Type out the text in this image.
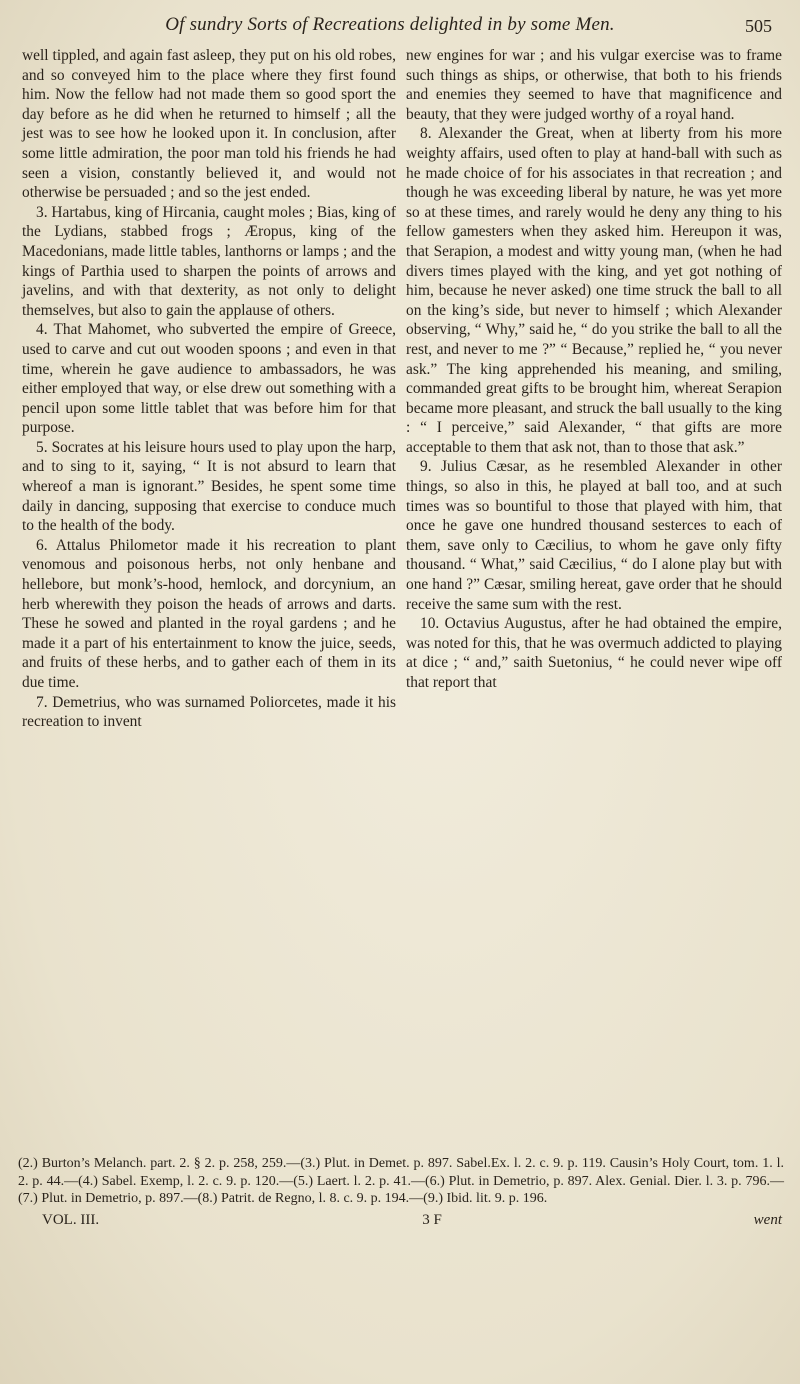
Of sundry Sorts of Recreations delighted in by some Men.	505

well tippled, and again fast asleep, they put on his old robes, and so conveyed him to the place where they first found him. Now the fellow had not made them so good sport the day before as he did when he returned to himself ; all the jest was to see how he looked upon it. In conclusion, after some little admiration, the poor man told his friends he had seen a vision, constantly believed it, and would not otherwise be persuaded ; and so the jest ended.

3. Hartabus, king of Hircania, caught moles ; Bias, king of the Lydians, stabbed frogs ; Æropus, king of the Macedonians, made little tables, lanthorns or lamps ; and the kings of Parthia used to sharpen the points of arrows and javelins, and with that dexterity, as not only to delight themselves, but also to gain the applause of others.

4. That Mahomet, who subverted the empire of Greece, used to carve and cut out wooden spoons ; and even in that time, wherein he gave audience to ambassadors, he was either employed that way, or else drew out something with a pencil upon some little tablet that was before him for that purpose.

5. Socrates at his leisure hours used to play upon the harp, and to sing to it, saying, “ It is not absurd to learn that whereof a man is ignorant.” Besides, he spent some time daily in dancing, supposing that exercise to conduce much to the health of the body.

6. Attalus Philometor made it his recreation to plant venomous and poisonous herbs, not only henbane and hellebore, but monk’s-hood, hemlock, and dorcynium, an herb wherewith they poison the heads of arrows and darts. These he sowed and planted in the royal gardens ; and he made it a part of his entertainment to know the juice, seeds, and fruits of these herbs, and to gather each of them in its due time.

7. Demetrius, who was surnamed Poliorcetes, made it his recreation to invent

new engines for war ; and his vulgar exercise was to frame such things as ships, or otherwise, that both to his friends and enemies they seemed to have that magnificence and beauty, that they were judged worthy of a royal hand.

8. Alexander the Great, when at liberty from his more weighty affairs, used often to play at hand-ball with such as he made choice of for his associates in that recreation ; and though he was exceeding liberal by nature, he was yet more so at these times, and rarely would he deny any thing to his fellow gamesters when they asked him. Hereupon it was, that Serapion, a modest and witty young man, (when he had divers times played with the king, and yet got nothing of him, because he never asked) one time struck the ball to all on the king’s side, but never to himself ; which Alexander observing, “ Why,” said he, “ do you strike the ball to all the rest, and never to me ?” “ Because,” replied he, “ you never ask.” The king apprehended his meaning, and smiling, commanded great gifts to be brought him, whereat Serapion became more pleasant, and struck the ball usually to the king : “ I perceive,” said Alexander, “ that gifts are more acceptable to them that ask not, than to those that ask.”

9. Julius Cæsar, as he resembled Alexander in other things, so also in this, he played at ball too, and at such times was so bountiful to those that played with him, that once he gave one hundred thousand sesterces to each of them, save only to Cæcilius, to whom he gave only fifty thousand. “ What,” said Cæcilius, “ do I alone play but with one hand ?” Cæsar, smiling hereat, gave order that he should receive the same sum with the rest.

10. Octavius Augustus, after he had obtained the empire, was noted for this, that he was overmuch addicted to playing at dice ; “ and,” saith Suetonius, “ he could never wipe off that report that

(2.) Burton’s Melanch. part. 2. § 2. p. 258, 259.—(3.) Plut. in Demet. p. 897. Sabel.Ex. l. 2. c. 9. p. 119. Causin’s Holy Court, tom. 1. l. 2. p. 44.—(4.) Sabel. Exemp, l. 2. c. 9. p. 120.—(5.) Laert. l. 2. p. 41.—(6.) Plut. in Demetrio, p. 897. Alex. Genial. Dier. l. 3. p. 796.—(7.) Plut. in Demetrio, p. 897.—(8.) Patrit. de Regno, l. 8. c. 9. p. 194.—(9.) Ibid. lit. 9. p. 196.

VOL. III.	3 F	went
